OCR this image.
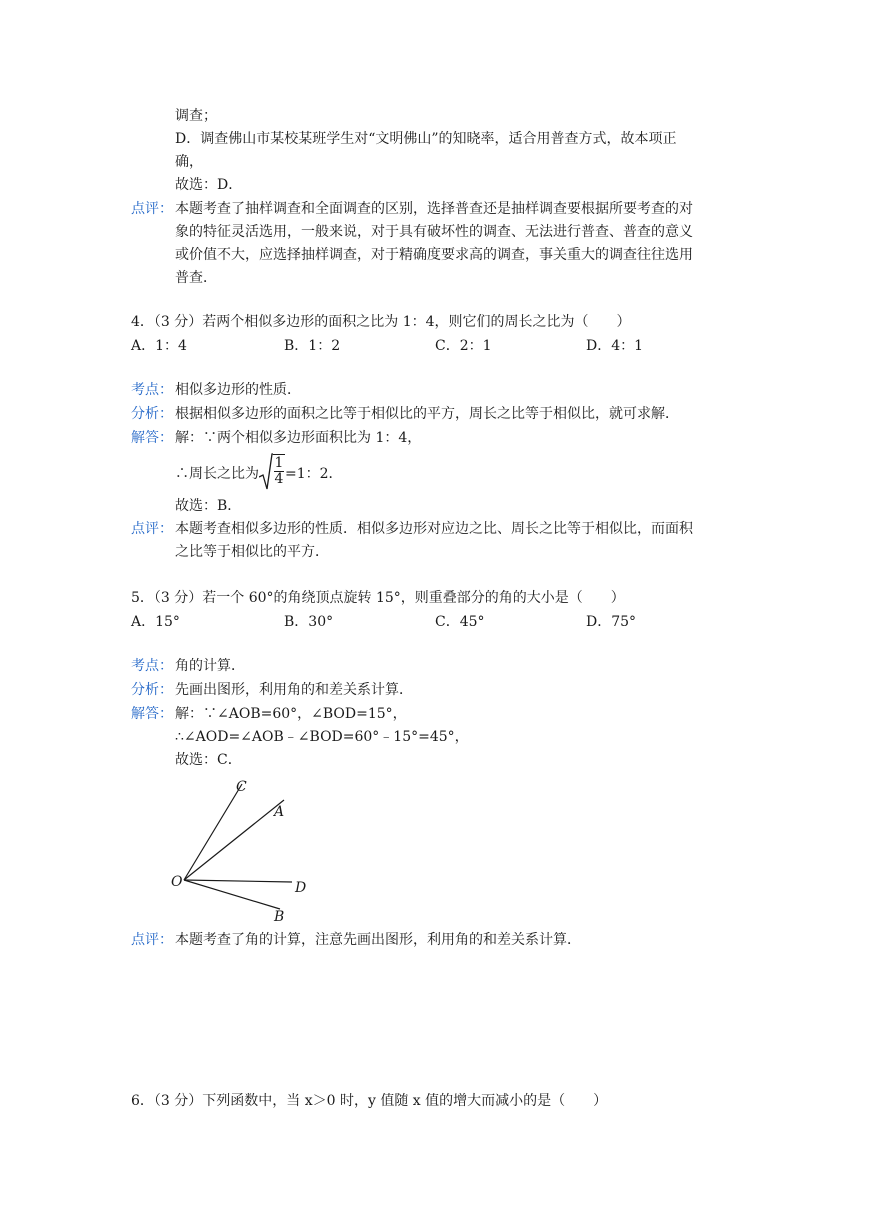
调查；
D．调查佛山市某校某班学生对“文明佛山”的知晓率，适合用普查方式，故本项正
确，
故选：D．
点评： 本题考查了抽样调查和全面调查的区别，选择普查还是抽样调查要根据所要考查的对
象的特征灵活选用，一般来说，对于具有破坏性的调查、无法进行普查、普查的意义
或价值不大，应选择抽样调查，对于精确度要求高的调查，事关重大的调查往往选用
普查．
4．（3 分）若两个相似多边形的面积之比为 1：4，则它们的周长之比为（　　）
A．1：4	B．1：2	C．2：1	D．4：1
考点： 相似多边形的性质．
分析： 根据相似多边形的面积之比等于相似比的平方，周长之比等于相似比，就可求解．
解答： 解：∵两个相似多边形面积比为 1：4，
∴周长之比为 $\frac{1}{4} =1$：2．
故选：B．
点评： 本题考查相似多边形的性质．相似多边形对应边之比、周长之比等于相似比，而面积
之比等于相似比的平方．
5．（3 分）若一个 60°的角绕顶点旋转 15°，则重叠部分的角的大小是（　　）
A．15°	B．30°	C．45°	D．75°
考点： 角的计算．
分析： 先画出图形，利用角的和差关系计算．
解答： 解：∵∠AOB=60°，∠BOD=15°，
∴∠AOD=∠AOB﹣∠BOD=60°﹣15°=45°，
故选：C．
C
A
O	D
B
点评： 本题考查了角的计算，注意先画出图形，利用角的和差关系计算．
6．（3 分）下列函数中，当 x＞0 时，y 值随 x 值的增大而减小的是（　　）
